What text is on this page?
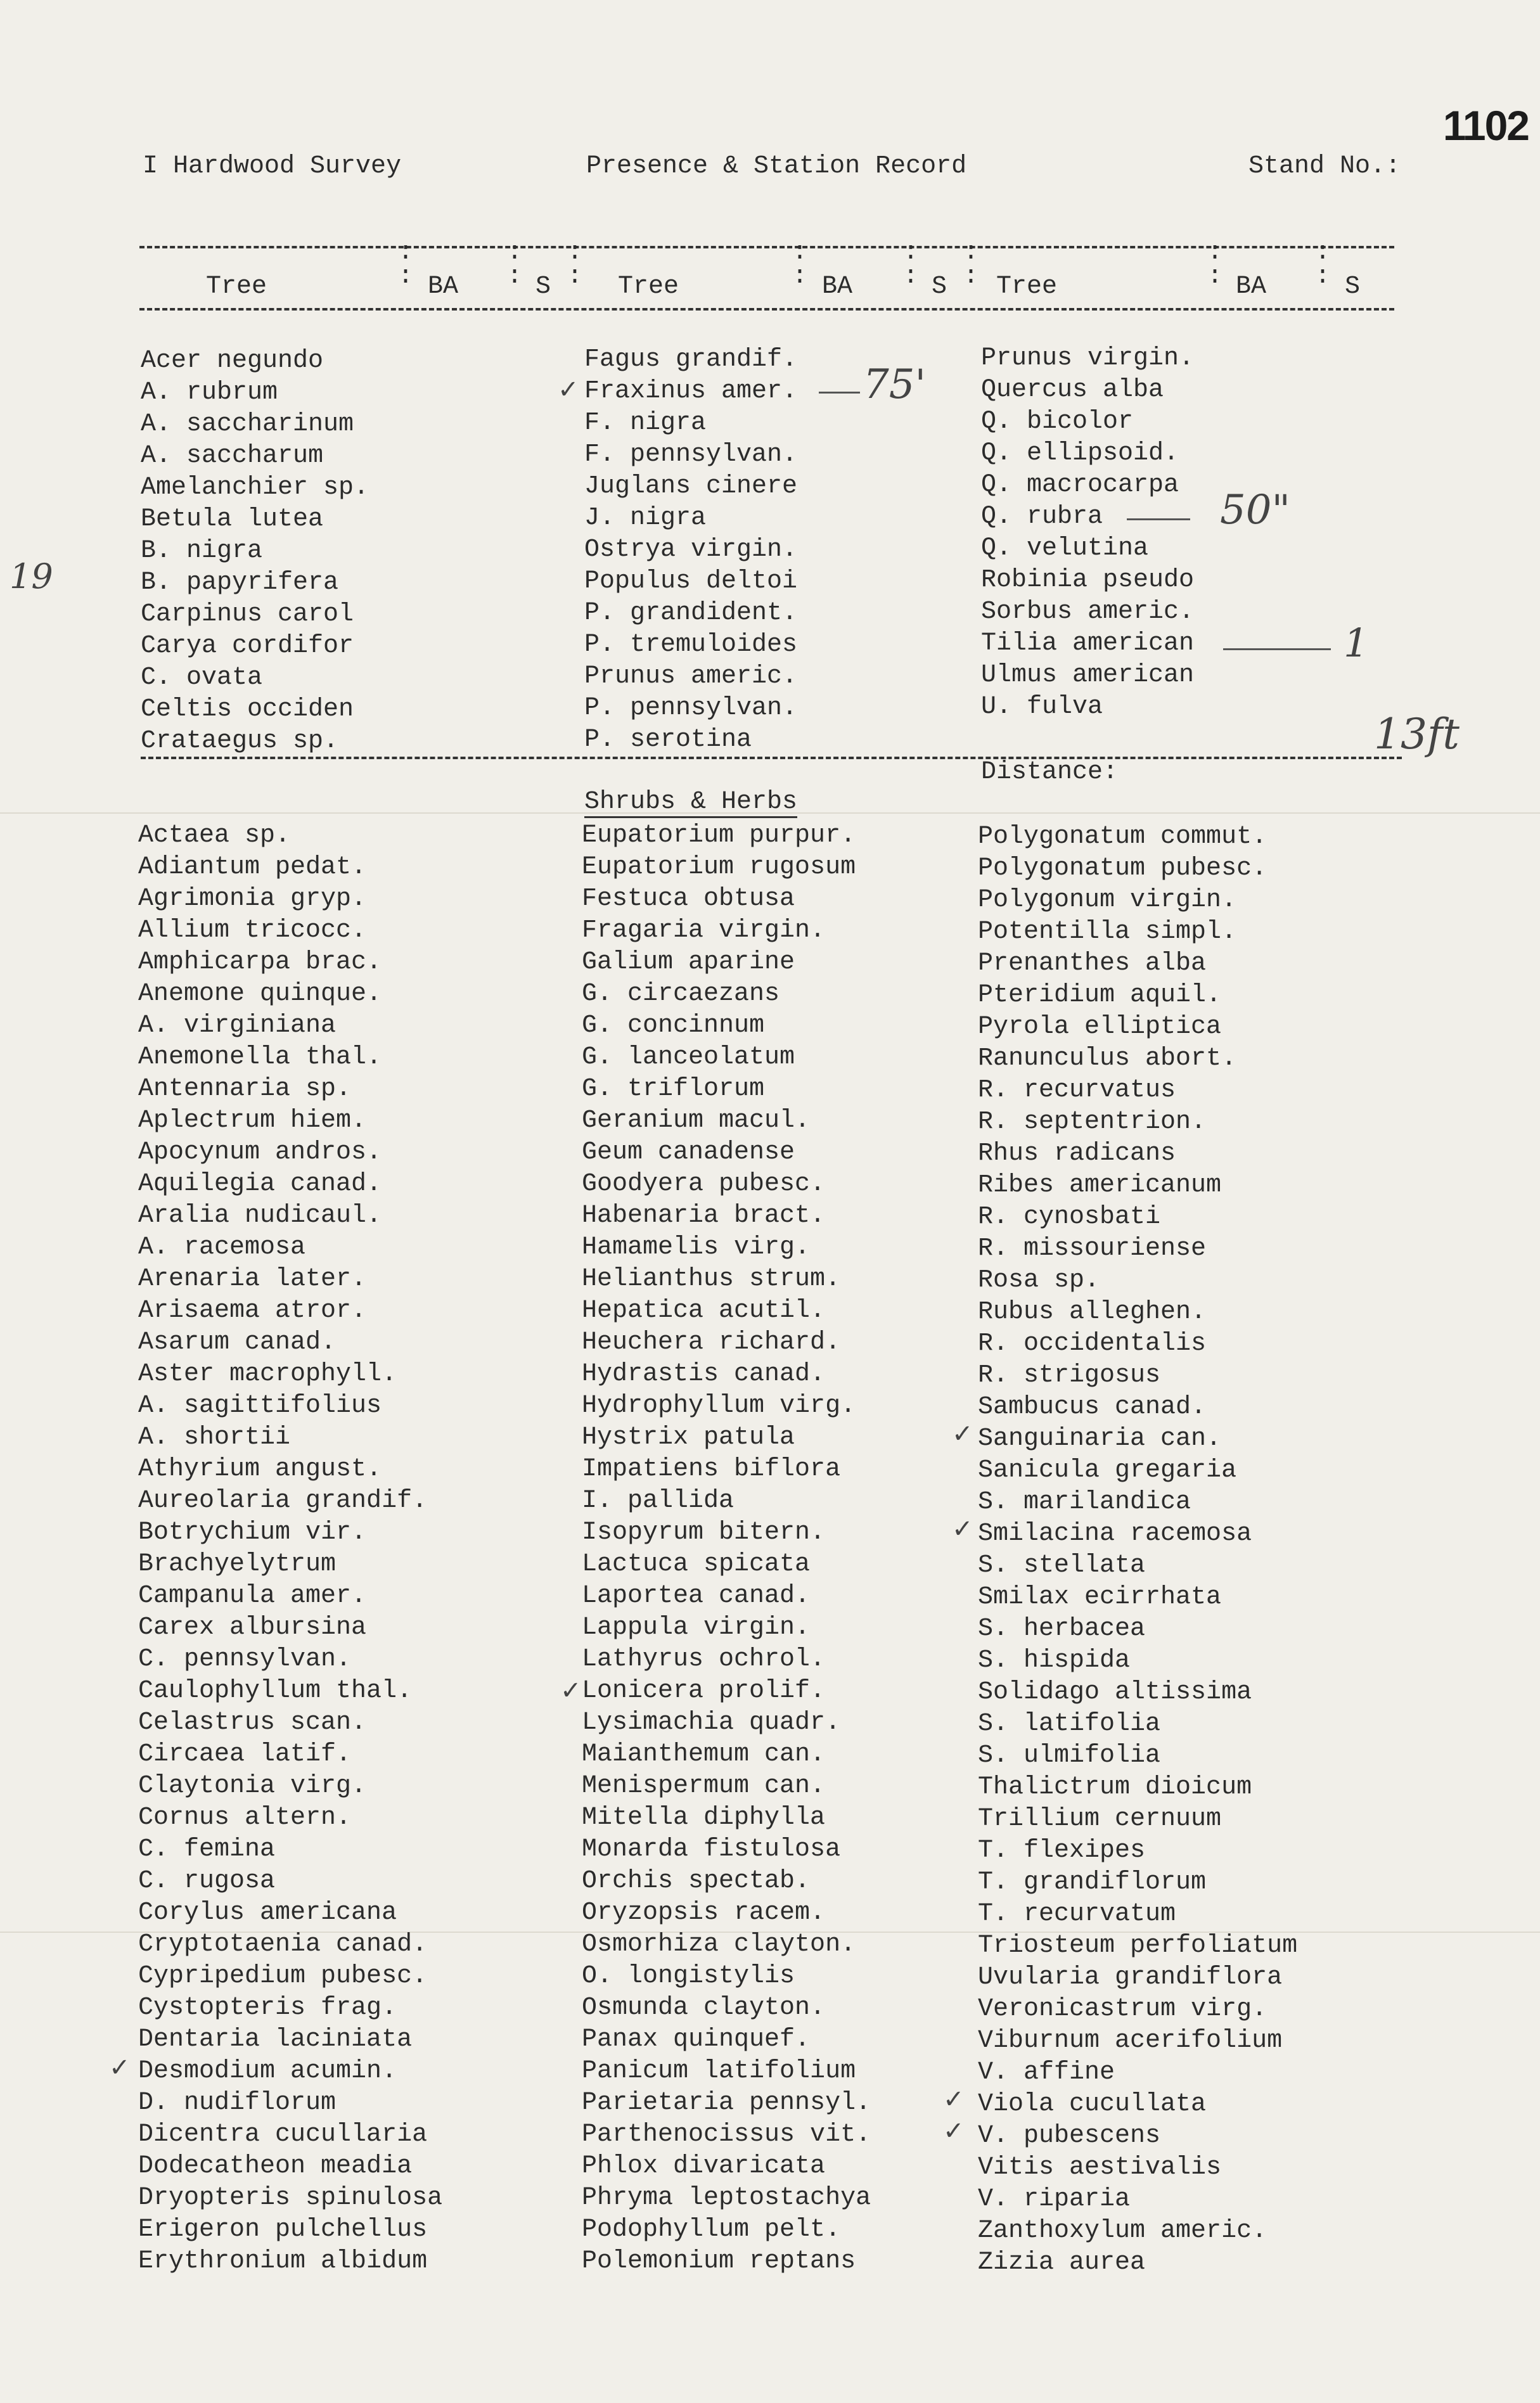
I Hardwood Survey	Presence & Station Record	Stand No.:
1102
:
:
:
:
:
:
:
:
:
:
:
:
:
:
:
:
Tree	BA	S	Tree	BA	S Tree	BA	S
Acer negundo
A. rubrum
A. saccharinum
A. saccharum
Amelanchier sp.
Betula lutea
B. nigra
B. papyrifera
Carpinus carol
Carya cordifor
C. ovata
Celtis occiden
Crataegus sp.
Fagus grandif.
Fraxinus amer.
F. nigra
F. pennsylvan.
Juglans cinere
J. nigra
Ostrya virgin.
Populus deltoi
P. grandident.
P. tremuloides
Prunus americ.
P. pennsylvan.
P. serotina
Prunus virgin.
Quercus alba
Q. bicolor
Q. ellipsoid.
Q. macrocarpa
Q. rubra
Q. velutina
Robinia pseudo
Sorbus americ.
Tilia american
Ulmus american
U. fulva
Distance:
Shrubs & Herbs
Actaea sp.
Adiantum pedat.
Agrimonia gryp.
Allium tricocc.
Amphicarpa brac.
Anemone quinque.
A. virginiana
Anemonella thal.
Antennaria sp.
Aplectrum hiem.
Apocynum andros.
Aquilegia canad.
Aralia nudicaul.
A. racemosa
Arenaria later.
Arisaema atror.
Asarum canad.
Aster macrophyll.
A. sagittifolius
A. shortii
Athyrium angust.
Aureolaria grandif.
Botrychium vir.
Brachyelytrum
Campanula amer.
Carex albursina
C. pennsylvan.
Caulophyllum thal.
Celastrus scan.
Circaea latif.
Claytonia virg.
Cornus altern.
C. femina
C. rugosa
Corylus americana
Cryptotaenia canad.
Cypripedium pubesc.
Cystopteris frag.
Dentaria laciniata
Desmodium acumin.
D. nudiflorum
Dicentra cucullaria
Dodecatheon meadia
Dryopteris spinulosa
Erigeron pulchellus
Erythronium albidum
Eupatorium purpur.
Eupatorium rugosum
Festuca obtusa
Fragaria virgin.
Galium aparine
G. circaezans
G. concinnum
G. lanceolatum
G. triflorum
Geranium macul.
Geum canadense
Goodyera pubesc.
Habenaria bract.
Hamamelis virg.
Helianthus strum.
Hepatica acutil.
Heuchera richard.
Hydrastis canad.
Hydrophyllum virg.
Hystrix patula
Impatiens biflora
I. pallida
Isopyrum bitern.
Lactuca spicata
Laportea canad.
Lappula virgin.
Lathyrus ochrol.
Lonicera prolif.
Lysimachia quadr.
Maianthemum can.
Menispermum can.
Mitella diphylla
Monarda fistulosa
Orchis spectab.
Oryzopsis racem.
Osmorhiza clayton.
O. longistylis
Osmunda clayton.
Panax quinquef.
Panicum latifolium
Parietaria pennsyl.
Parthenocissus vit.
Phlox divaricata
Phryma leptostachya
Podophyllum pelt.
Polemonium reptans
Polygonatum commut.
Polygonatum pubesc.
Polygonum virgin.
Potentilla simpl.
Prenanthes alba
Pteridium aquil.
Pyrola elliptica
Ranunculus abort.
R. recurvatus
R. septentrion.
Rhus radicans
Ribes americanum
R. cynosbati
R. missouriense
Rosa sp.
Rubus alleghen.
R. occidentalis
R. strigosus
Sambucus canad.
Sanguinaria can.
Sanicula gregaria
S. marilandica
Smilacina racemosa
S. stellata
Smilax ecirrhata
S. herbacea
S. hispida
Solidago altissima
S. latifolia
S. ulmifolia
Thalictrum dioicum
Trillium cernuum
T. flexipes
T. grandiflorum
T. recurvatum
Triosteum perfoliatum
Uvularia grandiflora
Veronicastrum virg.
Viburnum acerifolium
V. affine
Viola cucullata
V. pubescens
Vitis aestivalis
V. riparia
Zanthoxylum americ.
Zizia aurea
75'
50"
1
19
13ft
✓
✓
✓
✓
✓
✓
✓
